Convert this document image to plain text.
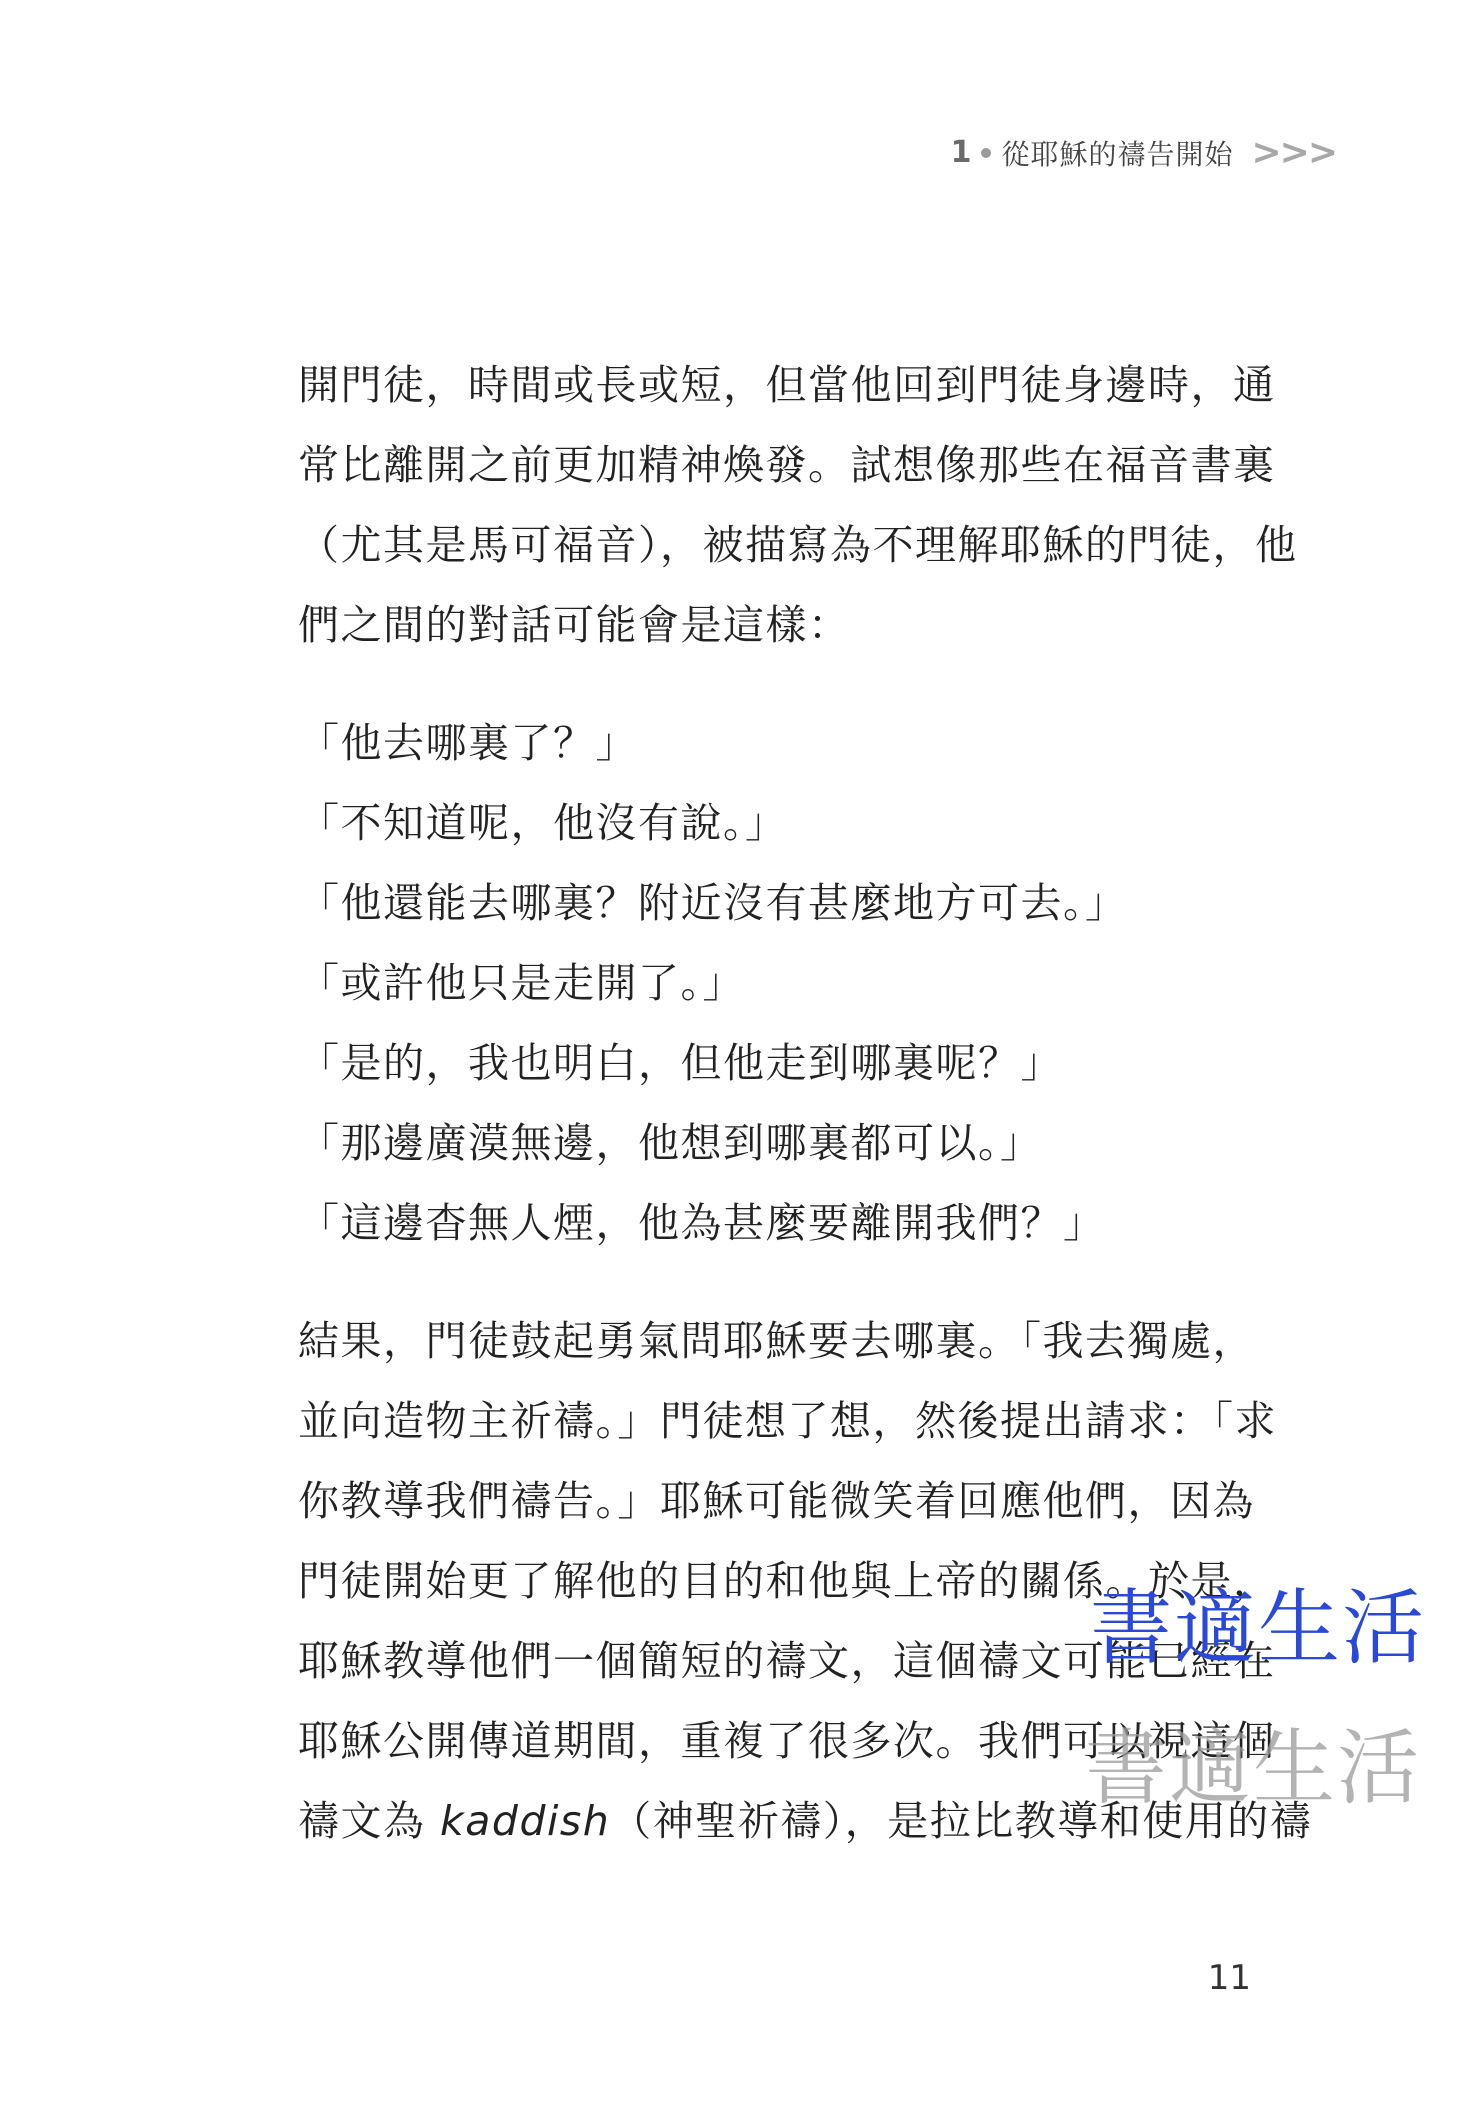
1 從耶穌的禱告開始 >>>

開門徒，時間或長或短，但當他回到門徒身邊時，通
常比離開之前更加精神煥發。試想像那些在福音書裏
（尤其是馬可福音），被描寫為不理解耶穌的門徒，他
們之間的對話可能會是這樣：

「他去哪裏了？」
「不知道呢，他沒有說。」
「他還能去哪裏？附近沒有甚麼地方可去。」
「或許他只是走開了。」
「是的，我也明白，但他走到哪裏呢？」
「那邊廣漠無邊，他想到哪裏都可以。」
「這邊杳無人煙，他為甚麼要離開我們？」

結果，門徒鼓起勇氣問耶穌要去哪裏。「我去獨處，
並向造物主祈禱。」門徒想了想，然後提出請求：「求
你教導我們禱告。」耶穌可能微笑着回應他們，因為
門徒開始更了解他的目的和他與上帝的關係。於是，
耶穌教導他們一個簡短的禱文，這個禱文可能已經在
耶穌公開傳道期間，重複了很多次。我們可以視這個
禱文為 kaddish（神聖祈禱），是拉比教導和使用的禱

書適生活
書適生活
11
